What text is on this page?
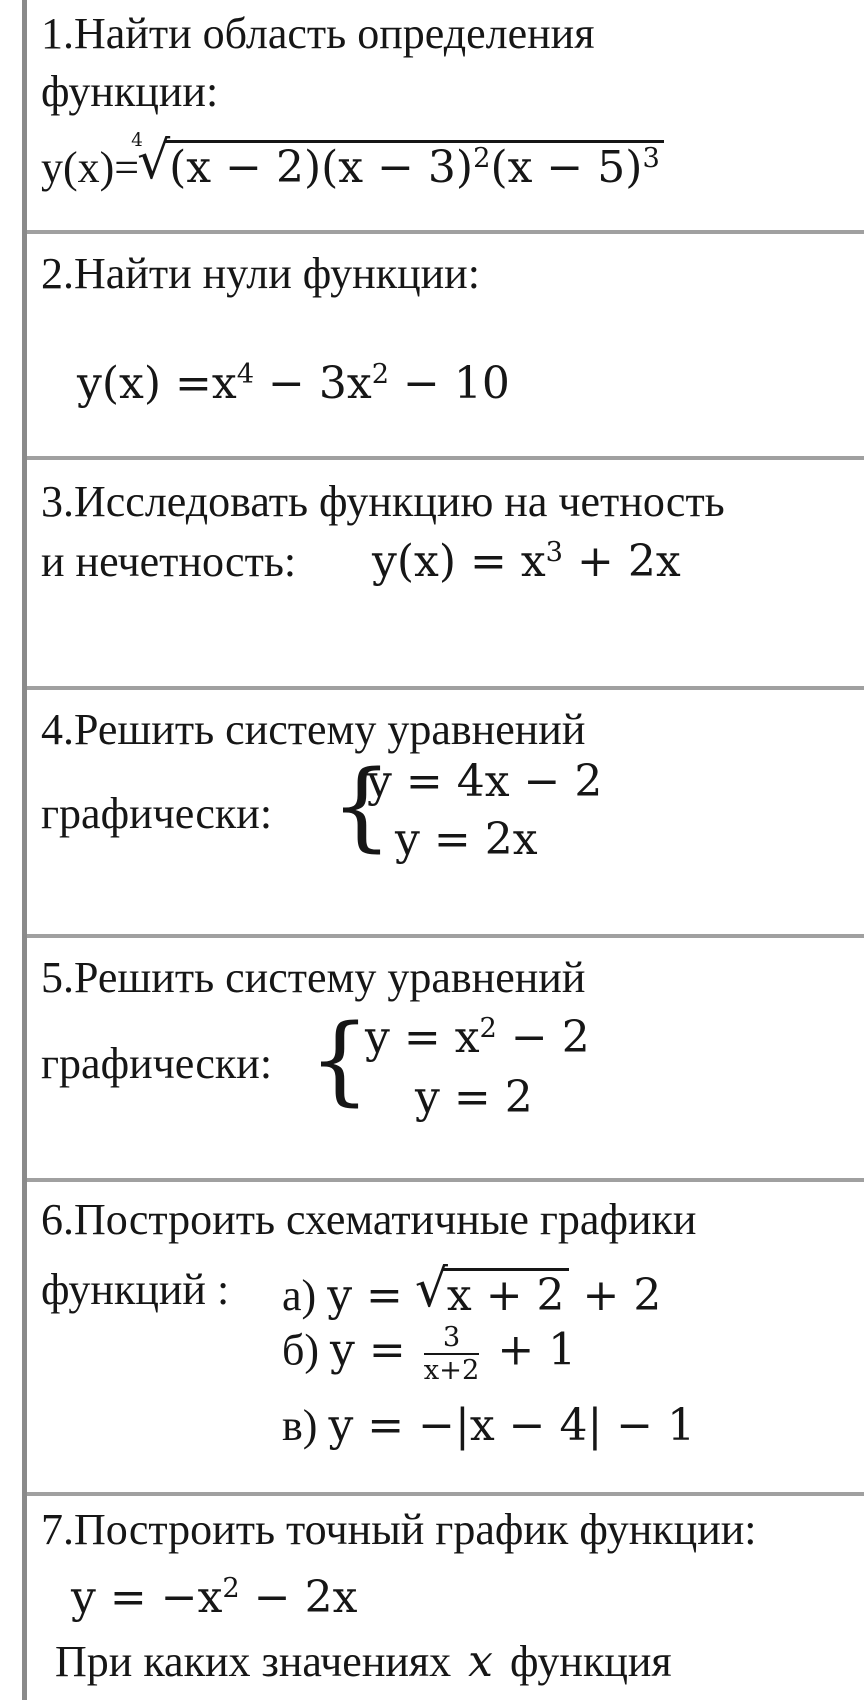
1.Найти область определения
функции:
y(x)=
√ 4
$(x - 2)(x - 3)^2(x - 5)^3$
2.Найти нули функции:
$y(x) =x^4 - 3x^2 - 10$
3.Исследовать функцию на четность
и нечетность: $y(x) = x^3 + 2x$
4.Решить систему уравнений
графически: {
y = 4x − 2
y = 2x
5.Решить систему уравнений
графически: {
$y = x^2 - 2$
y = 2
6.Построить схематичные графики
функций : а) y = √ x + 2 + 2
б) $y = \frac{3}{x+2} + 1$
в) y = −|x − 4| − 1
7.Построить точный график функции:
$y = -x^2 - 2x$
При каких значениях x функция
